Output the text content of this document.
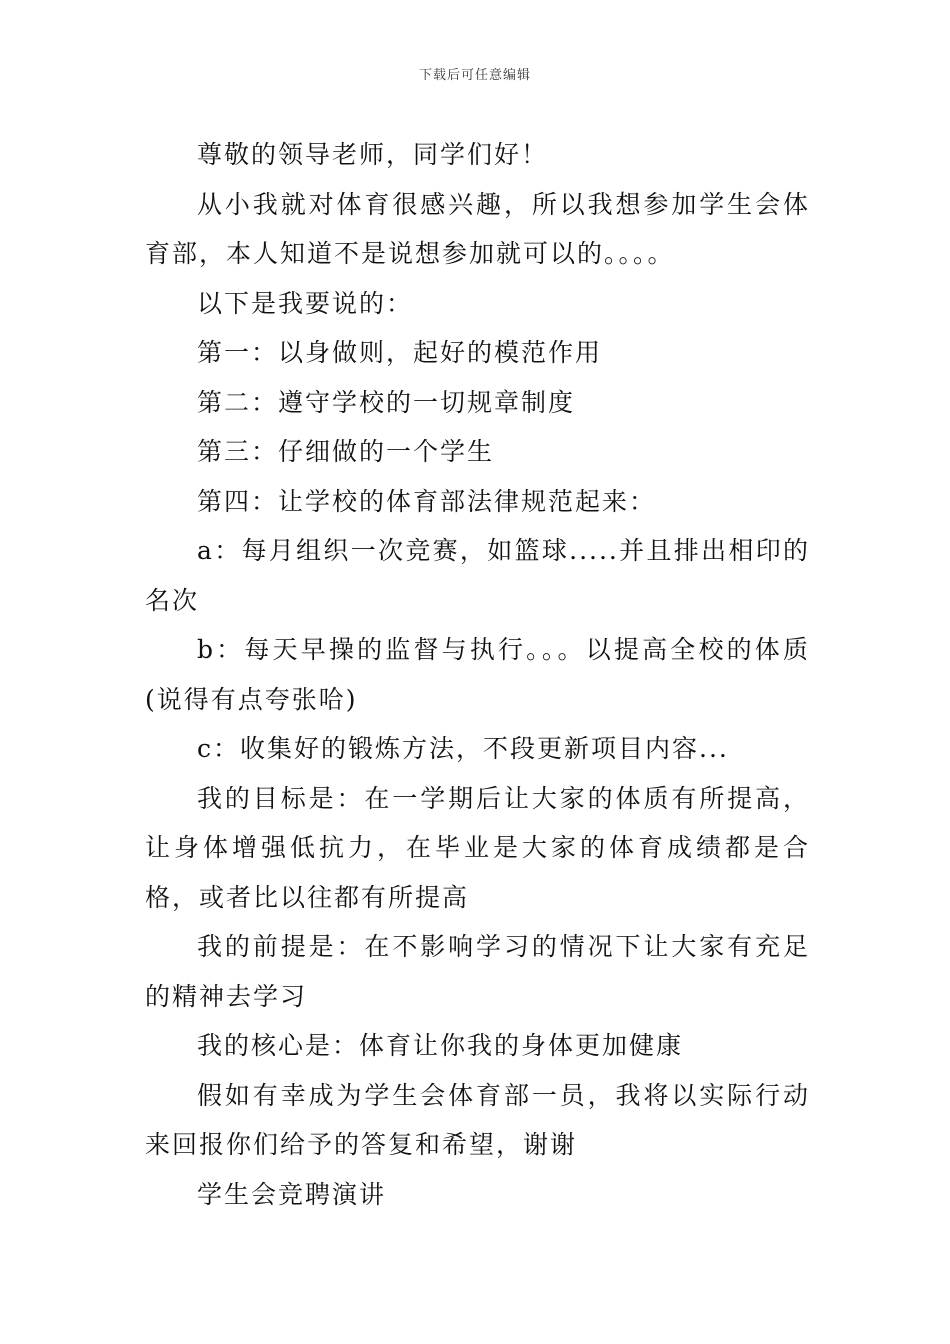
下载后可任意编辑

尊敬的领导老师，同学们好！

从小我就对体育很感兴趣，所以我想参加学生会体育部，本人知道不是说想参加就可以的。。。。

以下是我要说的：

第一：以身做则，起好的模范作用

第二：遵守学校的一切规章制度

第三：仔细做的一个学生

第四：让学校的体育部法律规范起来：

a：每月组织一次竞赛，如篮球.....并且排出相印的名次

b：每天早操的监督与执行。。。以提高全校的体质(说得有点夸张哈)

c：收集好的锻炼方法，不段更新项目内容...

我的目标是：在一学期后让大家的体质有所提高，让身体增强低抗力，在毕业是大家的体育成绩都是合格，或者比以往都有所提高

我的前提是：在不影响学习的情况下让大家有充足的精神去学习

我的核心是：体育让你我的身体更加健康

假如有幸成为学生会体育部一员，我将以实际行动来回报你们给予的答复和希望，谢谢

学生会竞聘演讲
